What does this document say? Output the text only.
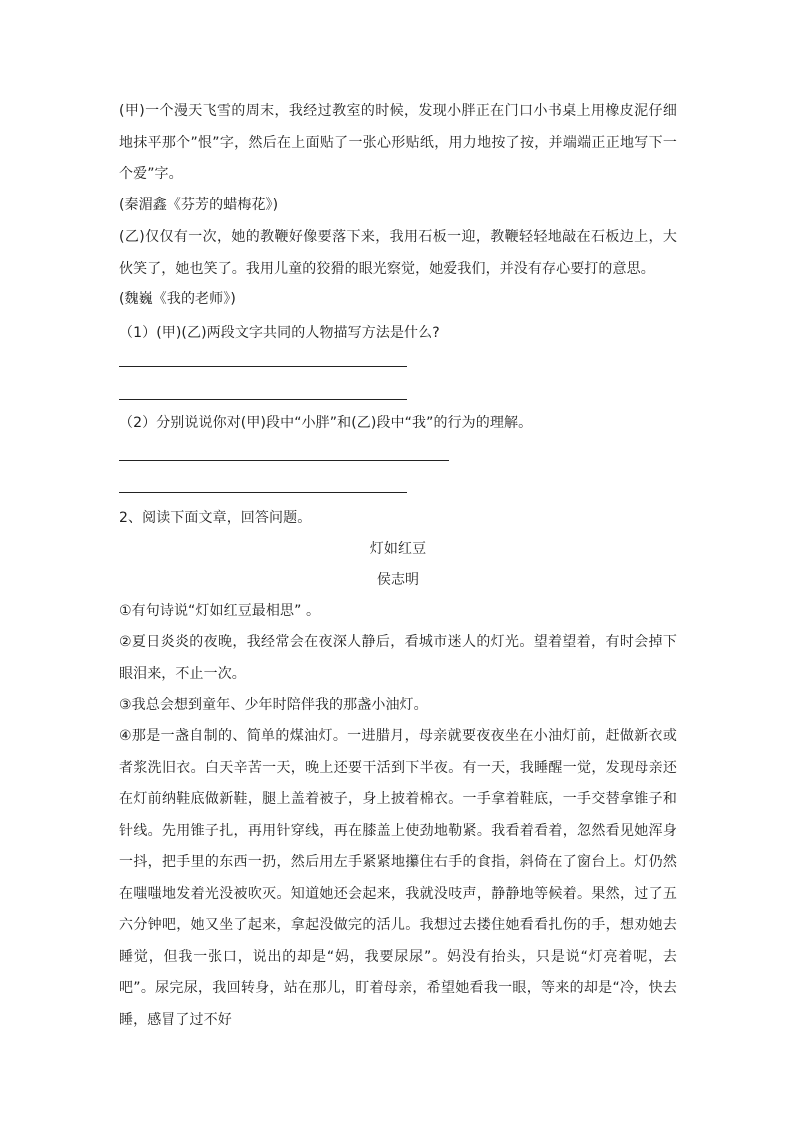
(甲)一个漫天飞雪的周末，我经过教室的时候，发现小胖正在门口小书桌上用橡皮泥仔细地抹平那个”恨”字，然后在上面贴了一张心形贴纸，用力地按了按，并端端正正地写下一个爱”字。

(秦湄鑫《芬芳的蜡梅花》)

(乙)仅仅有一次，她的教鞭好像要落下来，我用石板一迎，教鞭轻轻地敲在石板边上，大伙笑了，她也笑了。我用儿童的狡猾的眼光察觉，她爱我们，并没有存心要打的意思。

(魏巍《我的老师》)

（1）(甲)(乙)两段文字共同的人物描写方法是什么?

（2）分别说说你对(甲)段中“小胖”和(乙)段中“我”的行为的理解。

2、阅读下面文章，回答问题。

灯如红豆

侯志明

①有句诗说“灯如红豆最相思” 。

②夏日炎炎的夜晚，我经常会在夜深人静后，看城市迷人的灯光。望着望着，有时会掉下眼泪来，不止一次。

③我总会想到童年、少年时陪伴我的那盏小油灯。

④那是一盏自制的、简单的煤油灯。一进腊月，母亲就要夜夜坐在小油灯前，赶做新衣或者浆洗旧衣。白天辛苦一天，晚上还要干活到下半夜。有一天，我睡醒一觉，发现母亲还在灯前纳鞋底做新鞋，腿上盖着被子，身上披着棉衣。一手拿着鞋底，一手交替拿锥子和针线。先用锥子扎，再用针穿线，再在膝盖上使劲地勒紧。我看着看着，忽然看见她浑身一抖，把手里的东西一扔，然后用左手紧紧地攥住右手的食指，斜倚在了窗台上。灯仍然在嗤嗤地发着光没被吹灭。知道她还会起来，我就没吱声，静静地等候着。果然，过了五六分钟吧，她又坐了起来，拿起没做完的活儿。我想过去搂住她看看扎伤的手，想劝她去睡觉，但我一张口，说出的却是“妈，我要尿尿”。妈没有抬头，只是说“灯亮着呢，去吧”。尿完尿，我回转身，站在那儿，盯着母亲，希望她看我一眼，等来的却是“冷，快去睡，感冒了过不好
